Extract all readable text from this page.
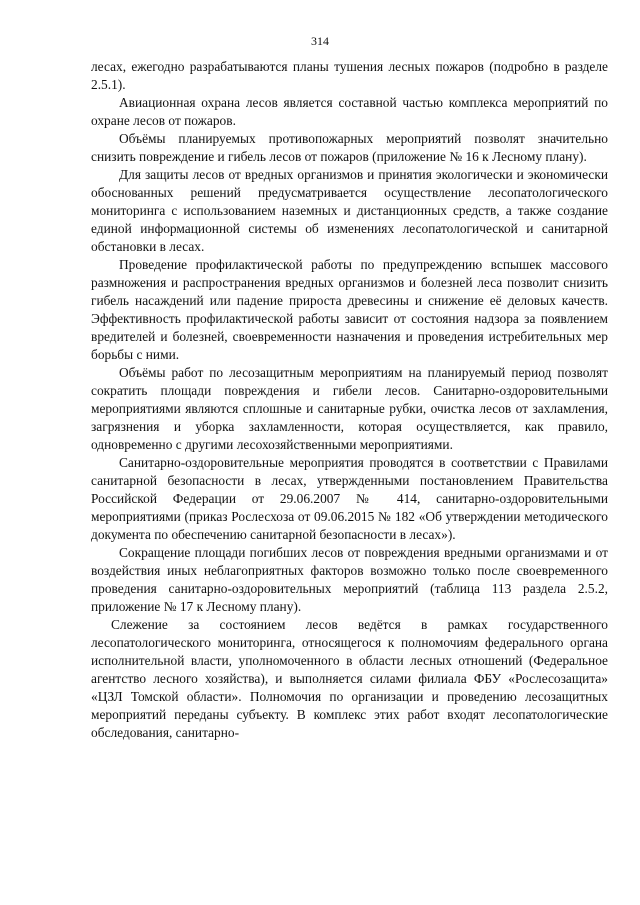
314

лесах, ежегодно разрабатываются планы тушения лесных пожаров (подробно в разделе 2.5.1).

Авиационная охрана лесов является составной частью комплекса мероприятий по охране лесов от пожаров.

Объёмы планируемых противопожарных мероприятий позволят значительно снизить повреждение и гибель лесов от пожаров (приложение № 16 к Лесному плану).

Для защиты лесов от вредных организмов и принятия экологически и экономически обоснованных решений предусматривается осуществление лесопатологического мониторинга с использованием наземных и дистанционных средств, а также создание единой информационной системы об изменениях лесопатологической и санитарной обстановки в лесах.

Проведение профилактической работы по предупреждению вспышек массового размножения и распространения вредных организмов и болезней леса позволит снизить гибель насаждений или падение прироста древесины и снижение её деловых качеств. Эффективность профилактической работы зависит от состояния надзора за появлением вредителей и болезней, своевременности назначения и проведения истребительных мер борьбы с ними.

Объёмы работ по лесозащитным мероприятиям на планируемый период позволят сократить площади повреждения и гибели лесов. Санитарно-оздоровительными мероприятиями являются сплошные и санитарные рубки, очистка лесов от захламления, загрязнения и уборка захламленности, которая осуществляется, как правило, одновременно с другими лесохозяйственными мероприятиями.

Санитарно-оздоровительные мероприятия проводятся в соответствии с Правилами санитарной безопасности в лесах, утвержденными постановлением Правительства Российской Федерации от 29.06.2007 № 414, санитарно-оздоровительными мероприятиями (приказ Рослесхоза от 09.06.2015 № 182 «Об утверждении методического документа по обеспечению санитарной безопасности в лесах»).

Сокращение площади погибших лесов от повреждения вредными организмами и от воздействия иных неблагоприятных факторов возможно только после своевременного проведения санитарно-оздоровительных мероприятий (таблица 113 раздела 2.5.2, приложение № 17 к Лесному плану).

Слежение за состоянием лесов ведётся в рамках государственного лесопатологического мониторинга, относящегося к полномочиям федерального органа исполнительной власти, уполномоченного в области лесных отношений (Федеральное агентство лесного хозяйства), и выполняется силами филиала ФБУ «Рослесозащита» «ЦЗЛ Томской области». Полномочия по организации и проведению лесозащитных мероприятий переданы субъекту. В комплекс этих работ входят лесопатологические обследования, санитарно-
